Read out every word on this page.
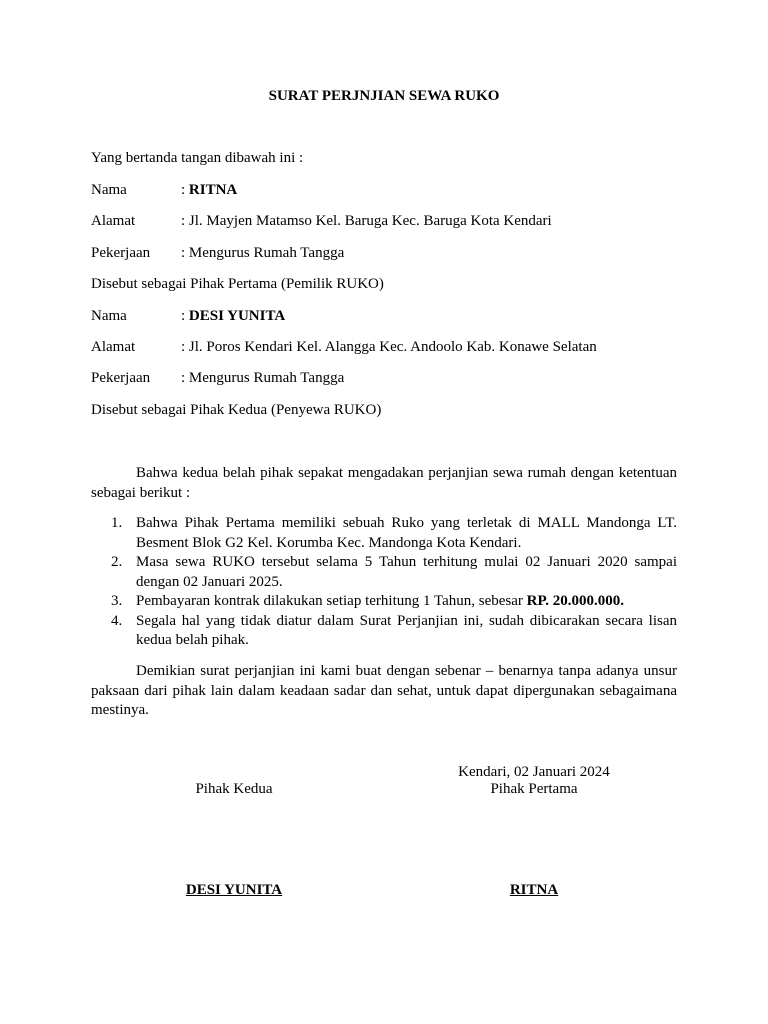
SURAT PERJNJIAN SEWA RUKO
Yang bertanda tangan dibawah ini :
Nama	: RITNA
Alamat	: Jl. Mayjen Matamso Kel. Baruga Kec. Baruga Kota Kendari
Pekerjaan : Mengurus Rumah Tangga
Disebut sebagai Pihak Pertama (Pemilik RUKO)
Nama	: DESI YUNITA
Alamat	: Jl. Poros Kendari Kel. Alangga Kec. Andoolo Kab. Konawe Selatan
Pekerjaan : Mengurus Rumah Tangga
Disebut sebagai Pihak Kedua (Penyewa RUKO)
Bahwa kedua belah pihak sepakat mengadakan perjanjian sewa rumah dengan ketentuan sebagai berikut :
1. Bahwa Pihak Pertama memiliki sebuah Ruko yang terletak di MALL Mandonga LT. Besment Blok G2 Kel. Korumba Kec. Mandonga Kota Kendari.
2. Masa sewa RUKO tersebut selama 5 Tahun terhitung mulai 02 Januari 2020 sampai dengan 02 Januari 2025.
3. Pembayaran kontrak dilakukan setiap terhitung 1 Tahun, sebesar RP. 20.000.000.
4. Segala hal yang tidak diatur dalam Surat Perjanjian ini, sudah dibicarakan secara lisan kedua belah pihak.
Demikian surat perjanjian ini kami buat dengan sebenar – benarnya tanpa adanya unsur paksaan dari pihak lain dalam keadaan sadar dan sehat, untuk dapat dipergunakan sebagaimana mestinya.
Kendari, 02 Januari 2024
Pihak Kedua	Pihak Pertama
DESI YUNITA	RITNA
